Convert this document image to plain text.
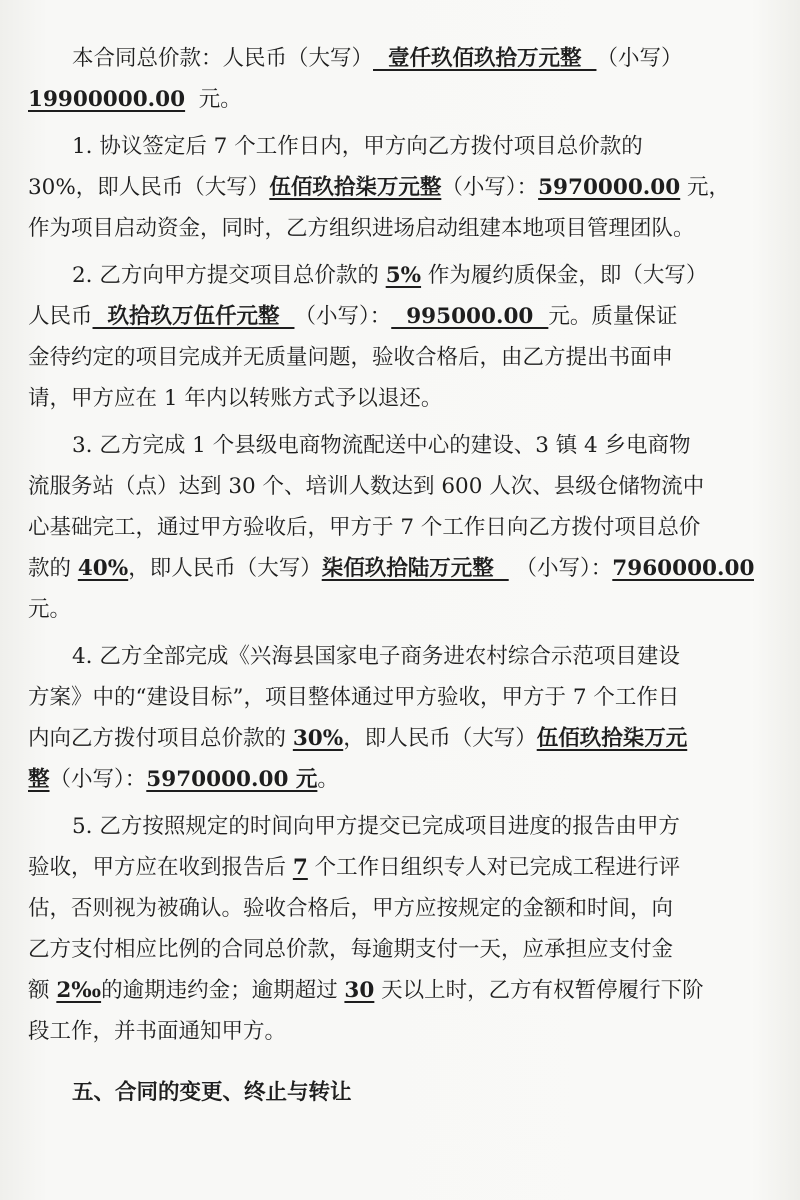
本合同总价款：人民币（大写）  壹仟玖佰玖拾万元整  （小写）
19900000.00  元。
1. 协议签定后 7 个工作日内，甲方向乙方拨付项目总价款的
30%，即人民币（大写）伍佰玖拾柒万元整（小写）：5970000.00 元，
作为项目启动资金，同时，乙方组织进场启动组建本地项目管理团队。
2. 乙方向甲方提交项目总价款的 5% 作为履约质保金，即（大写）
人民币  玖拾玖万伍仟元整  （小写）：  995000.00  元。质量保证
金待约定的项目完成并无质量问题，验收合格后，由乙方提出书面申
请，甲方应在 1 年内以转账方式予以退还。
3. 乙方完成 1 个县级电商物流配送中心的建设、3 镇 4 乡电商物
流服务站（点）达到 30 个、培训人数达到 600 人次、县级仓储物流中
心基础完工，通过甲方验收后，甲方于 7 个工作日向乙方拨付项目总价
款的 40%，即人民币（大写）柒佰玖拾陆万元整   （小写）：7960000.00
元。
4. 乙方全部完成《兴海县国家电子商务进农村综合示范项目建设
方案》中的“建设目标”，项目整体通过甲方验收，甲方于 7 个工作日
内向乙方拨付项目总价款的 30%，即人民币（大写）伍佰玖拾柒万元
整（小写）：5970000.00 元。
5. 乙方按照规定的时间向甲方提交已完成项目进度的报告由甲方
验收，甲方应在收到报告后 7 个工作日组织专人对已完成工程进行评
估，否则视为被确认。验收合格后，甲方应按规定的金额和时间，向
乙方支付相应比例的合同总价款，每逾期支付一天，应承担应支付金
额 2‰的逾期违约金；逾期超过 30 天以上时，乙方有权暂停履行下阶
段工作，并书面通知甲方。
五、合同的变更、终止与转让
